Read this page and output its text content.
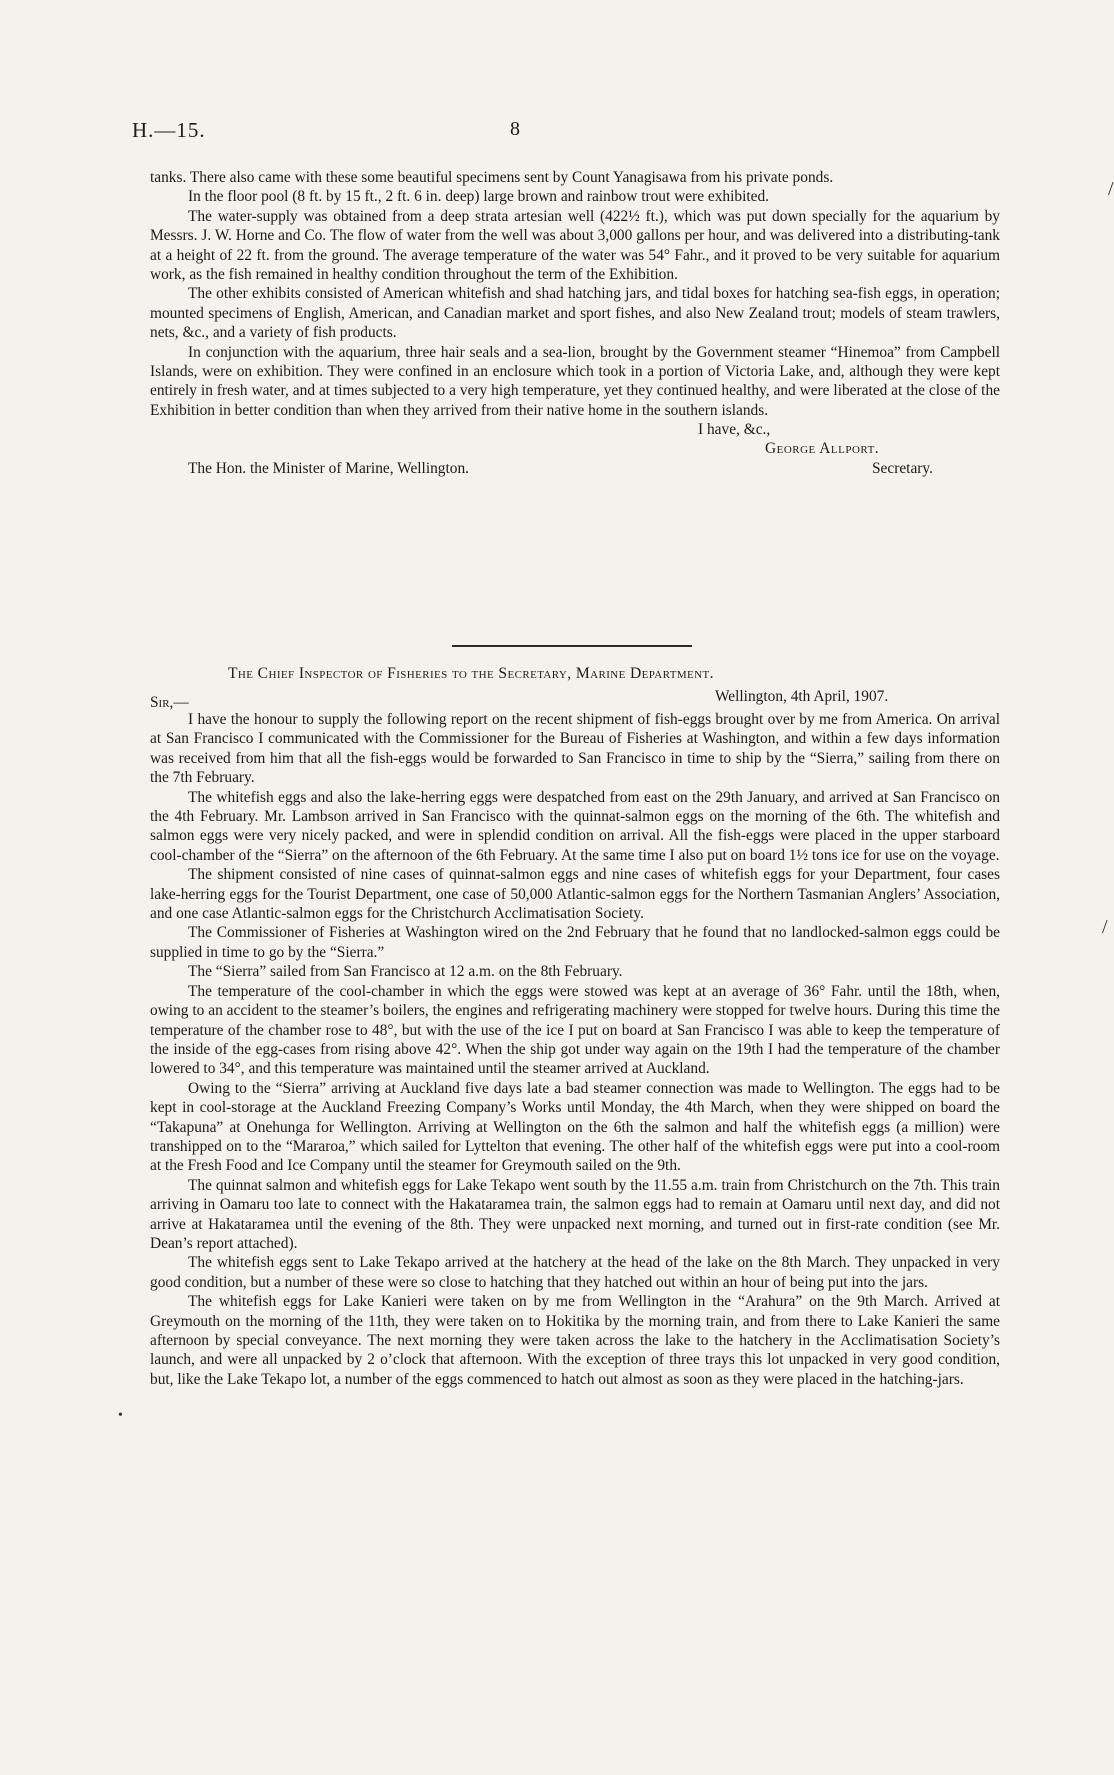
H.—15.	8

tanks. There also came with these some beautiful specimens sent by Count Yanagisawa from his private ponds.

In the floor pool (8 ft. by 15 ft., 2 ft. 6 in. deep) large brown and rainbow trout were exhibited.

The water-supply was obtained from a deep strata artesian well (422½ ft.), which was put down specially for the aquarium by Messrs. J. W. Horne and Co. The flow of water from the well was about 3,000 gallons per hour, and was delivered into a distributing-tank at a height of 22 ft. from the ground. The average temperature of the water was 54° Fahr., and it proved to be very suitable for aquarium work, as the fish remained in healthy condition throughout the term of the Exhibition.

The other exhibits consisted of American whitefish and shad hatching jars, and tidal boxes for hatching sea-fish eggs, in operation; mounted specimens of English, American, and Canadian market and sport fishes, and also New Zealand trout; models of steam trawlers, nets, &c., and a variety of fish products.

In conjunction with the aquarium, three hair seals and a sea-lion, brought by the Government steamer “Hinemoa” from Campbell Islands, were on exhibition. They were confined in an enclosure which took in a portion of Victoria Lake, and, although they were kept entirely in fresh water, and at times subjected to a very high temperature, yet they continued healthy, and were liberated at the close of the Exhibition in better condition than when they arrived from their native home in the southern islands.

I have, &c.,
George Allport.
The Hon. the Minister of Marine, Wellington.	Secretary.
The Chief Inspector of Fisheries to the Secretary, Marine Department.
Sir,—	Wellington, 4th April, 1907.

I have the honour to supply the following report on the recent shipment of fish-eggs brought over by me from America. On arrival at San Francisco I communicated with the Commissioner for the Bureau of Fisheries at Washington, and within a few days information was received from him that all the fish-eggs would be forwarded to San Francisco in time to ship by the “Sierra,” sailing from there on the 7th February.

The whitefish eggs and also the lake-herring eggs were despatched from east on the 29th January, and arrived at San Francisco on the 4th February. Mr. Lambson arrived in San Francisco with the quinnat-salmon eggs on the morning of the 6th. The whitefish and salmon eggs were very nicely packed, and were in splendid condition on arrival. All the fish-eggs were placed in the upper starboard cool-chamber of the “Sierra” on the afternoon of the 6th February. At the same time I also put on board 1½ tons ice for use on the voyage.

The shipment consisted of nine cases of quinnat-salmon eggs and nine cases of whitefish eggs for your Department, four cases lake-herring eggs for the Tourist Department, one case of 50,000 Atlantic-salmon eggs for the Northern Tasmanian Anglers’ Association, and one case Atlantic-salmon eggs for the Christchurch Acclimatisation Society.

The Commissioner of Fisheries at Washington wired on the 2nd February that he found that no landlocked-salmon eggs could be supplied in time to go by the “Sierra.”

The “Sierra” sailed from San Francisco at 12 a.m. on the 8th February.

The temperature of the cool-chamber in which the eggs were stowed was kept at an average of 36° Fahr. until the 18th, when, owing to an accident to the steamer’s boilers, the engines and refrigerating machinery were stopped for twelve hours. During this time the temperature of the chamber rose to 48°, but with the use of the ice I put on board at San Francisco I was able to keep the temperature of the inside of the egg-cases from rising above 42°. When the ship got under way again on the 19th I had the temperature of the chamber lowered to 34°, and this temperature was maintained until the steamer arrived at Auckland.

Owing to the “Sierra” arriving at Auckland five days late a bad steamer connection was made to Wellington. The eggs had to be kept in cool-storage at the Auckland Freezing Company’s Works until Monday, the 4th March, when they were shipped on board the “Takapuna” at Onehunga for Wellington. Arriving at Wellington on the 6th the salmon and half the whitefish eggs (a million) were transhipped on to the “Mararoa,” which sailed for Lyttelton that evening. The other half of the whitefish eggs were put into a cool-room at the Fresh Food and Ice Company until the steamer for Greymouth sailed on the 9th.

The quinnat salmon and whitefish eggs for Lake Tekapo went south by the 11.55 a.m. train from Christchurch on the 7th. This train arriving in Oamaru too late to connect with the Hakataramea train, the salmon eggs had to remain at Oamaru until next day, and did not arrive at Hakataramea until the evening of the 8th. They were unpacked next morning, and turned out in first-rate condition (see Mr. Dean’s report attached).

The whitefish eggs sent to Lake Tekapo arrived at the hatchery at the head of the lake on the 8th March. They unpacked in very good condition, but a number of these were so close to hatching that they hatched out within an hour of being put into the jars.

The whitefish eggs for Lake Kanieri were taken on by me from Wellington in the “Arahura” on the 9th March. Arrived at Greymouth on the morning of the 11th, they were taken on to Hokitika by the morning train, and from there to Lake Kanieri the same afternoon by special conveyance. The next morning they were taken across the lake to the hatchery in the Acclimatisation Society’s launch, and were all unpacked by 2 o’clock that afternoon. With the exception of three trays this lot unpacked in very good condition, but, like the Lake Tekapo lot, a number of the eggs commenced to hatch out almost as soon as they were placed in the hatching-jars.

/
/
•
